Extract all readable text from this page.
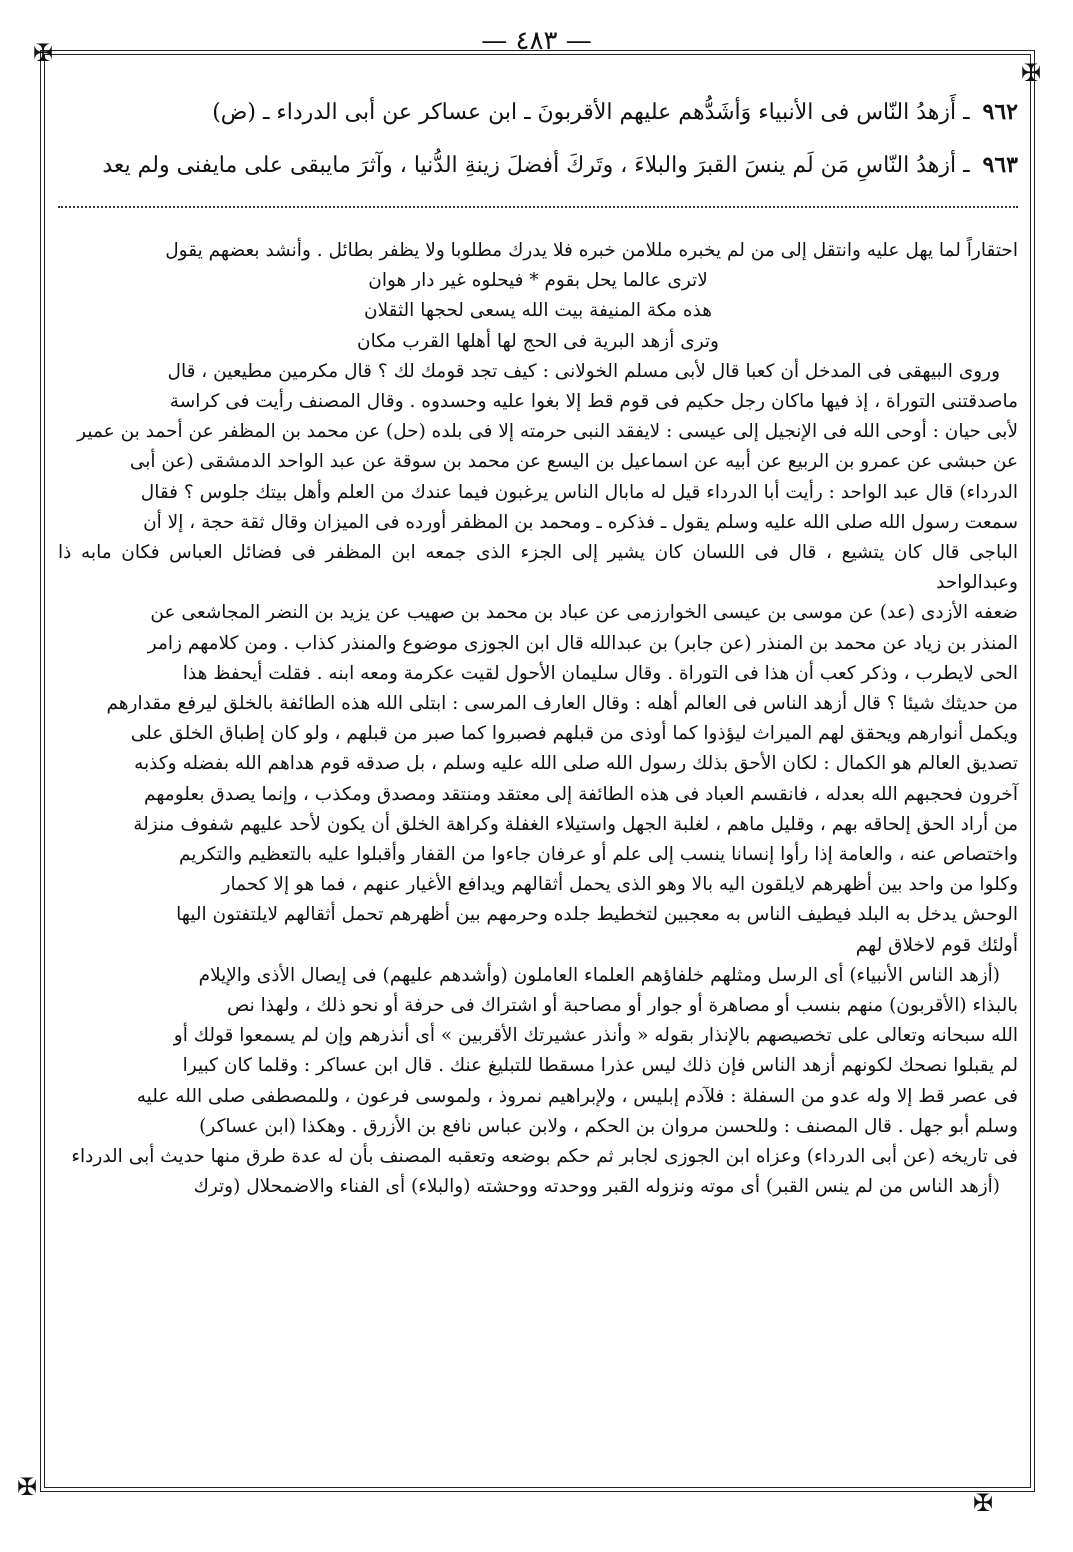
— ٤٨٣ —
✠
✠
✠
✠
٩٦٢ ـ أَزهدُ النّاس فى الأنبياء وَأشَدُّهم عليهم الأقربونَ ـ ابن عساكر عن أبى الدرداء ـ (ض)
٩٦٣ ـ أزهدُ النّاسِ مَن لَم ينسَ القبرَ والبلاءَ ، وتَركَ أفضلَ زينةِ الدُّنيا ، وآثرَ مايبقى على مايفنى ولم يعد

احتقاراً لما يهل عليه وانتقل إلى من لم يخبره مللامن خبره فلا يدرك مطلوبا ولا يظفر بطائل . وأنشد بعضهم يقول

لاترى عالما يحل بقوم * فيحلوه غير دار هوان

هذه مكة المنيفة بيت الله يسعى لحجها الثقلان

وترى أزهد البرية فى الحج لها أهلها القرب مكان

وروى البيهقى فى المدخل أن كعبا قال لأبى مسلم الخولانى : كيف تجد قومك لك ؟ قال مكرمين مطيعين ، قال

ماصدقتنى التوراة ، إذ فيها ماكان رجل حكيم فى قوم قط إلا بغوا عليه وحسدوه . وقال المصنف رأيت فى كراسة

لأبى حيان : أوحى الله فى الإنجيل إلى عيسى : لايفقد النبى حرمته إلا فى بلده (حل) عن محمد بن المظفر عن أحمد بن عمير

عن حبشى عن عمرو بن الربيع عن أبيه عن اسماعيل بن اليسع عن محمد بن سوقة عن عبد الواحد الدمشقى (عن أبى

الدرداء) قال عبد الواحد : رأيت أبا الدرداء قيل له مابال الناس يرغبون فيما عندك من العلم وأهل بيتك جلوس ؟ فقال

سمعت رسول الله صلى الله عليه وسلم يقول ـ فذكره ـ ومحمد بن المظفر أورده فى الميزان وقال ثقة حجة ، إلا أن

الباجى قال كان يتشيع ، قال فى اللسان كان يشير إلى الجزء الذى جمعه ابن المظفر فى فضائل العباس فكان مابه ذا وعبدالواحد

ضعفه الأزدى (عد) عن موسى بن عيسى الخوارزمى عن عباد بن محمد بن صهيب عن يزيد بن النضر المجاشعى عن

المنذر بن زياد عن محمد بن المنذر (عن جابر) بن عبدالله قال ابن الجوزى موضوع والمنذر كذاب . ومن كلامهم زامر

الحى لايطرب ، وذكر كعب أن هذا فى التوراة . وقال سليمان الأحول لقيت عكرمة ومعه ابنه . فقلت أيحفظ هذا

من حديثك شيئا ؟ قال أزهد الناس فى العالم أهله : وقال العارف المرسى : ابتلى الله هذه الطائفة بالخلق ليرفع مقدارهم

ويكمل أنوارهم ويحقق لهم الميراث ليؤذوا كما أوذى من قبلهم فصبروا كما صبر من قبلهم ، ولو كان إطباق الخلق على

تصديق العالم هو الكمال : لكان الأحق بذلك رسول الله صلى الله عليه وسلم ، بل صدقه قوم هداهم الله بفضله وكذبه

آخرون فحجبهم الله بعدله ، فانقسم العباد فى هذه الطائفة إلى معتقد ومنتقد ومصدق ومكذب ، وإنما يصدق بعلومهم

من أراد الحق إلحاقه بهم ، وقليل ماهم ، لغلبة الجهل واستيلاء الغفلة وكراهة الخلق أن يكون لأحد عليهم شفوف منزلة

واختصاص عنه ، والعامة إذا رأوا إنسانا ينسب إلى علم أو عرفان جاءوا من القفار وأقبلوا عليه بالتعظيم والتكريم

وكلوا من واحد بين أظهرهم لايلقون اليه بالا وهو الذى يحمل أثقالهم ويدافع الأغيار عنهم ، فما هو إلا كحمار

الوحش يدخل به البلد فيطيف الناس به معجبين لتخطيط جلده وحرمهم بين أظهرهم تحمل أثقالهم لايلتفتون اليها

أولئك قوم لاخلاق لهم

(أزهد الناس الأنبياء) أى الرسل ومثلهم خلفاؤهم العلماء العاملون (وأشدهم عليهم) فى إيصال الأذى والإيلام

بالبذاء (الأقربون) منهم بنسب أو مصاهرة أو جوار أو مصاحبة أو اشتراك فى حرفة أو نحو ذلك ، ولهذا نص

الله سبحانه وتعالى على تخصيصهم بالإنذار بقوله « وأنذر عشيرتك الأقربين » أى أنذرهم وإن لم يسمعوا قولك أو

لم يقبلوا نصحك لكونهم أزهد الناس فإن ذلك ليس عذرا مسقطا للتبليغ عنك . قال ابن عساكر : وقلما كان كبيرا

فى عصر قط إلا وله عدو من السفلة : فلآدم إبليس ، ولإبراهيم نمروذ ، ولموسى فرعون ، وللمصطفى صلى الله عليه

وسلم أبو جهل . قال المصنف : وللحسن مروان بن الحكم ، ولابن عباس نافع بن الأزرق . وهكذا (ابن عساكر)

فى تاريخه (عن أبى الدرداء) وعزاه ابن الجوزى لجابر ثم حكم بوضعه وتعقبه المصنف بأن له عدة طرق منها حديث أبى الدرداء

(أزهد الناس من لم ينس القبر) أى موته ونزوله القبر ووحدته ووحشته (والبلاء) أى الفناء والاضمحلال (وترك
